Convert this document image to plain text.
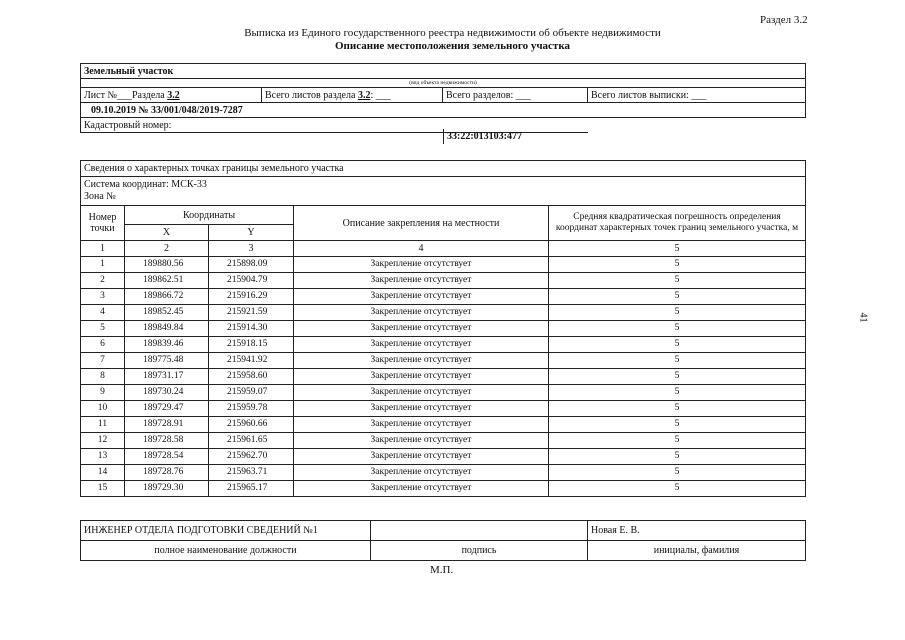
Раздел 3.2
Выписка из Единого государственного реестра недвижимости об объекте недвижимости
Описание местоположения земельного участка
41
Земельный участок
(вид объекта недвижимости)
Лист №___Раздела 3.2	Всего листов раздела 3.2: ___	Всего разделов: ___	Всего листов выписки: ___
09.10.2019 № 33/001/048/2019-7287
Кадастровый номер:
33:22:013103:477
Сведения о характерных точках границы земельного участка				

Система координат: МСК-33
Зона №				

Номер точки	Координаты		Описание закрепления на местности	Средняя квадратическая погрешность определения координат характерных точек границ земельного участка, м
	X	Y		
1	2	3	4	5
1	189880.56	215898.09	Закрепление отсутствует	5
2	189862.51	215904.79	Закрепление отсутствует	5
3	189866.72	215916.29	Закрепление отсутствует	5
4	189852.45	215921.59	Закрепление отсутствует	5
5	189849.84	215914.30	Закрепление отсутствует	5
6	189839.46	215918.15	Закрепление отсутствует	5
7	189775.48	215941.92	Закрепление отсутствует	5
8	189731.17	215958.60	Закрепление отсутствует	5
9	189730.24	215959.07	Закрепление отсутствует	5
10	189729.47	215959.78	Закрепление отсутствует	5
11	189728.91	215960.66	Закрепление отсутствует	5
12	189728.58	215961.65	Закрепление отсутствует	5
13	189728.54	215962.70	Закрепление отсутствует	5
14	189728.76	215963.71	Закрепление отсутствует	5
15	189729.30	215965.17	Закрепление отсутствует	5
ИНЖЕНЕР ОТДЕЛА ПОДГОТОВКИ СВЕДЕНИЙ №1		Новая Е. В.
полное наименование должности	подпись	инициалы, фамилия
М.П.
